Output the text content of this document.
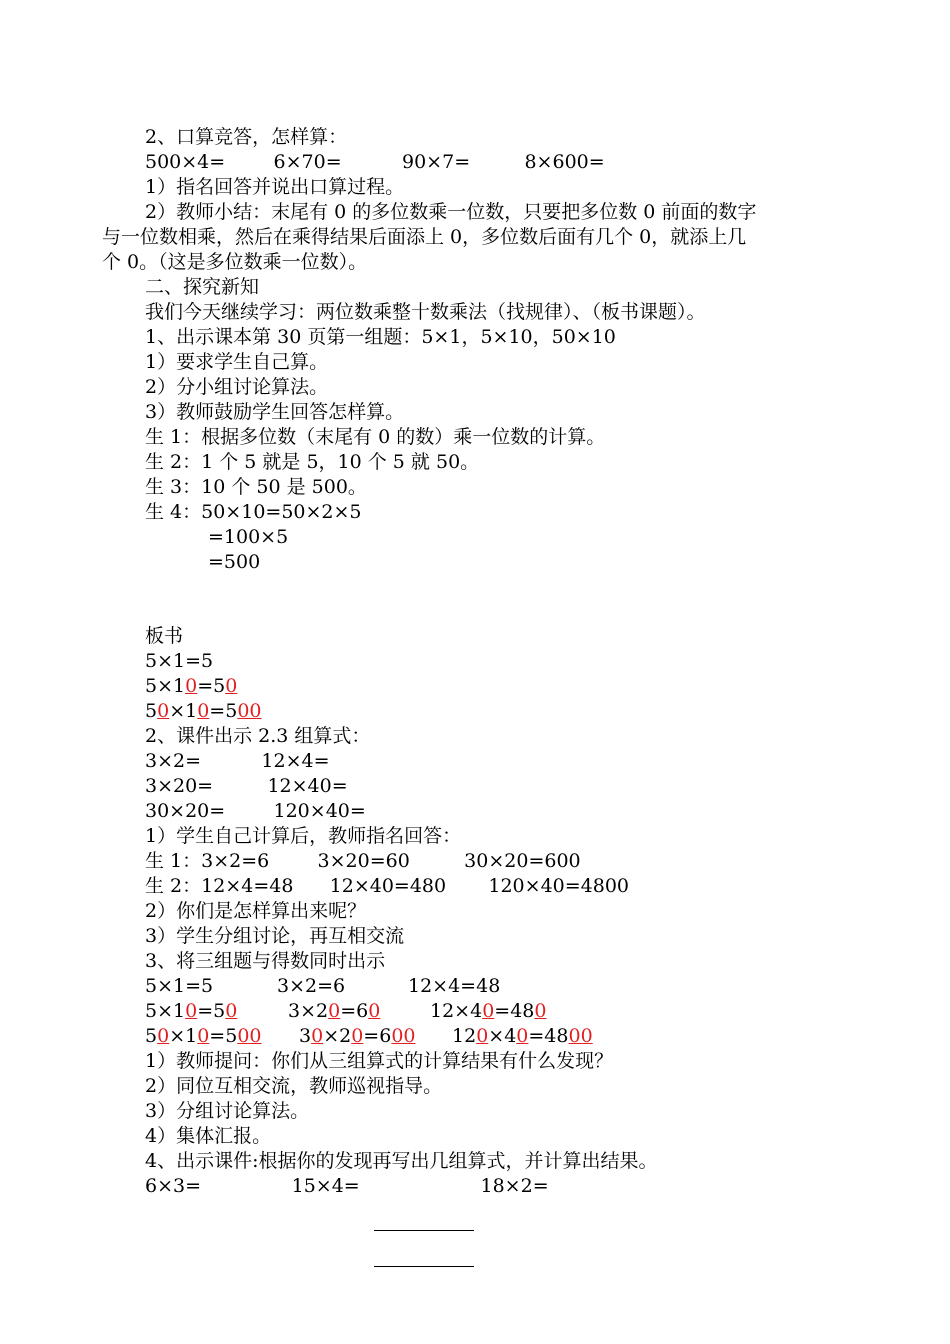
2、口算竞答，怎样算：
500×4=        6×70=          90×7=         8×600=
1）指名回答并说出口算过程。
2）教师小结：末尾有 0 的多位数乘一位数，只要把多位数 0 前面的数字
与一位数相乘，然后在乘得结果后面添上 0，多位数后面有几个 0，就添上几
个 0。（这是多位数乘一位数）。
二、探究新知
我们今天继续学习：两位数乘整十数乘法（找规律）、（板书课题）。
1、出示课本第 30 页第一组题：5×1，5×10，50×10
1）要求学生自己算。
2）分小组讨论算法。
3）教师鼓励学生回答怎样算。
生 1：根据多位数（末尾有 0 的数）乘一位数的计算。
生 2：1 个 5 就是 5，10 个 5 就 50。
生 3：10 个 50 是 500。
生 4：50×10=50×2×5
=100×5
=500
板书
5×1=5
5×10=50
50×10=500
2、课件出示 2.3 组算式：
3×2=          12×4=
3×20=         12×40=
30×20=        120×40=
1）学生自己计算后，教师指名回答：
生 1：3×2=6        3×20=60         30×20=600
生 2：12×4=48      12×40=480       120×40=4800
2）你们是怎样算出来呢？
3）学生分组讨论，再互相交流
3、将三组题与得数同时出示
5×1=5	3×2=6	12×4=48
5×10=50	3×20=60	12×40=480
50×10=500 30×20=600 120×40=4800
1）教师提问：你们从三组算式的计算结果有什么发现？
2）同位互相交流，教师巡视指导。
3）分组讨论算法。
4）集体汇报。
4、出示课件:根据你的发现再写出几组算式，并计算出结果。
6×3=               15×4=                    18×2=
